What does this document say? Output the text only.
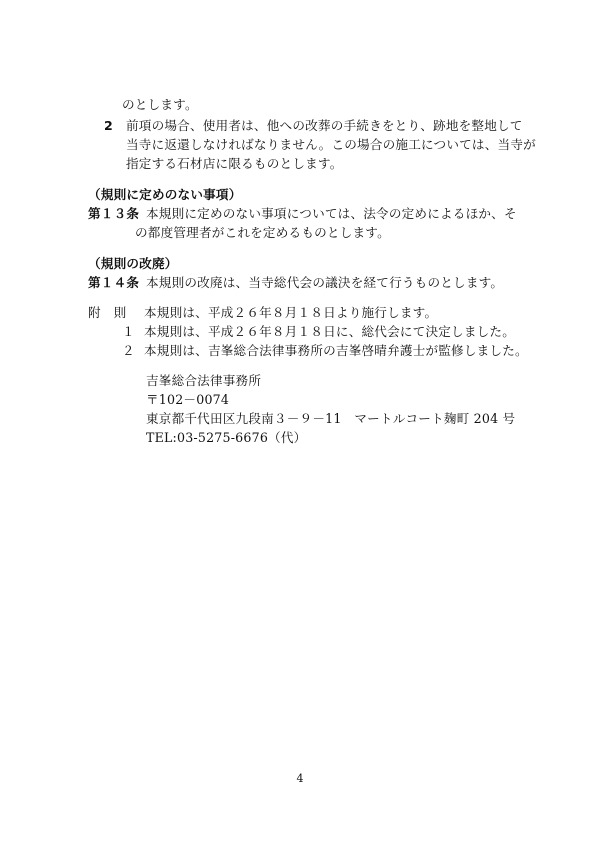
のとします。
2 前項の場合、使用者は、他への改葬の手続きをとり、跡地を整地して
当寺に返還しなければなりません。この場合の施工については、当寺が
指定する石材店に限るものとします。
（規則に定めのない事項）
第１３条 本規則に定めのない事項については、法令の定めによるほか、そ
の都度管理者がこれを定めるものとします。
（規則の改廃）
第１４条 本規則の改廃は、当寺総代会の議決を経て行うものとします。
附　則 本規則は、平成２６年８月１８日より施行します。
１ 本規則は、平成２６年８月１８日に、総代会にて決定しました。
２ 本規則は、吉峯総合法律事務所の吉峯啓晴弁護士が監修しました。
吉峯総合法律事務所
〒102－0074
東京都千代田区九段南３－９－11　マートルコート麹町 204 号
TEL:03-5275-6676（代）
4
